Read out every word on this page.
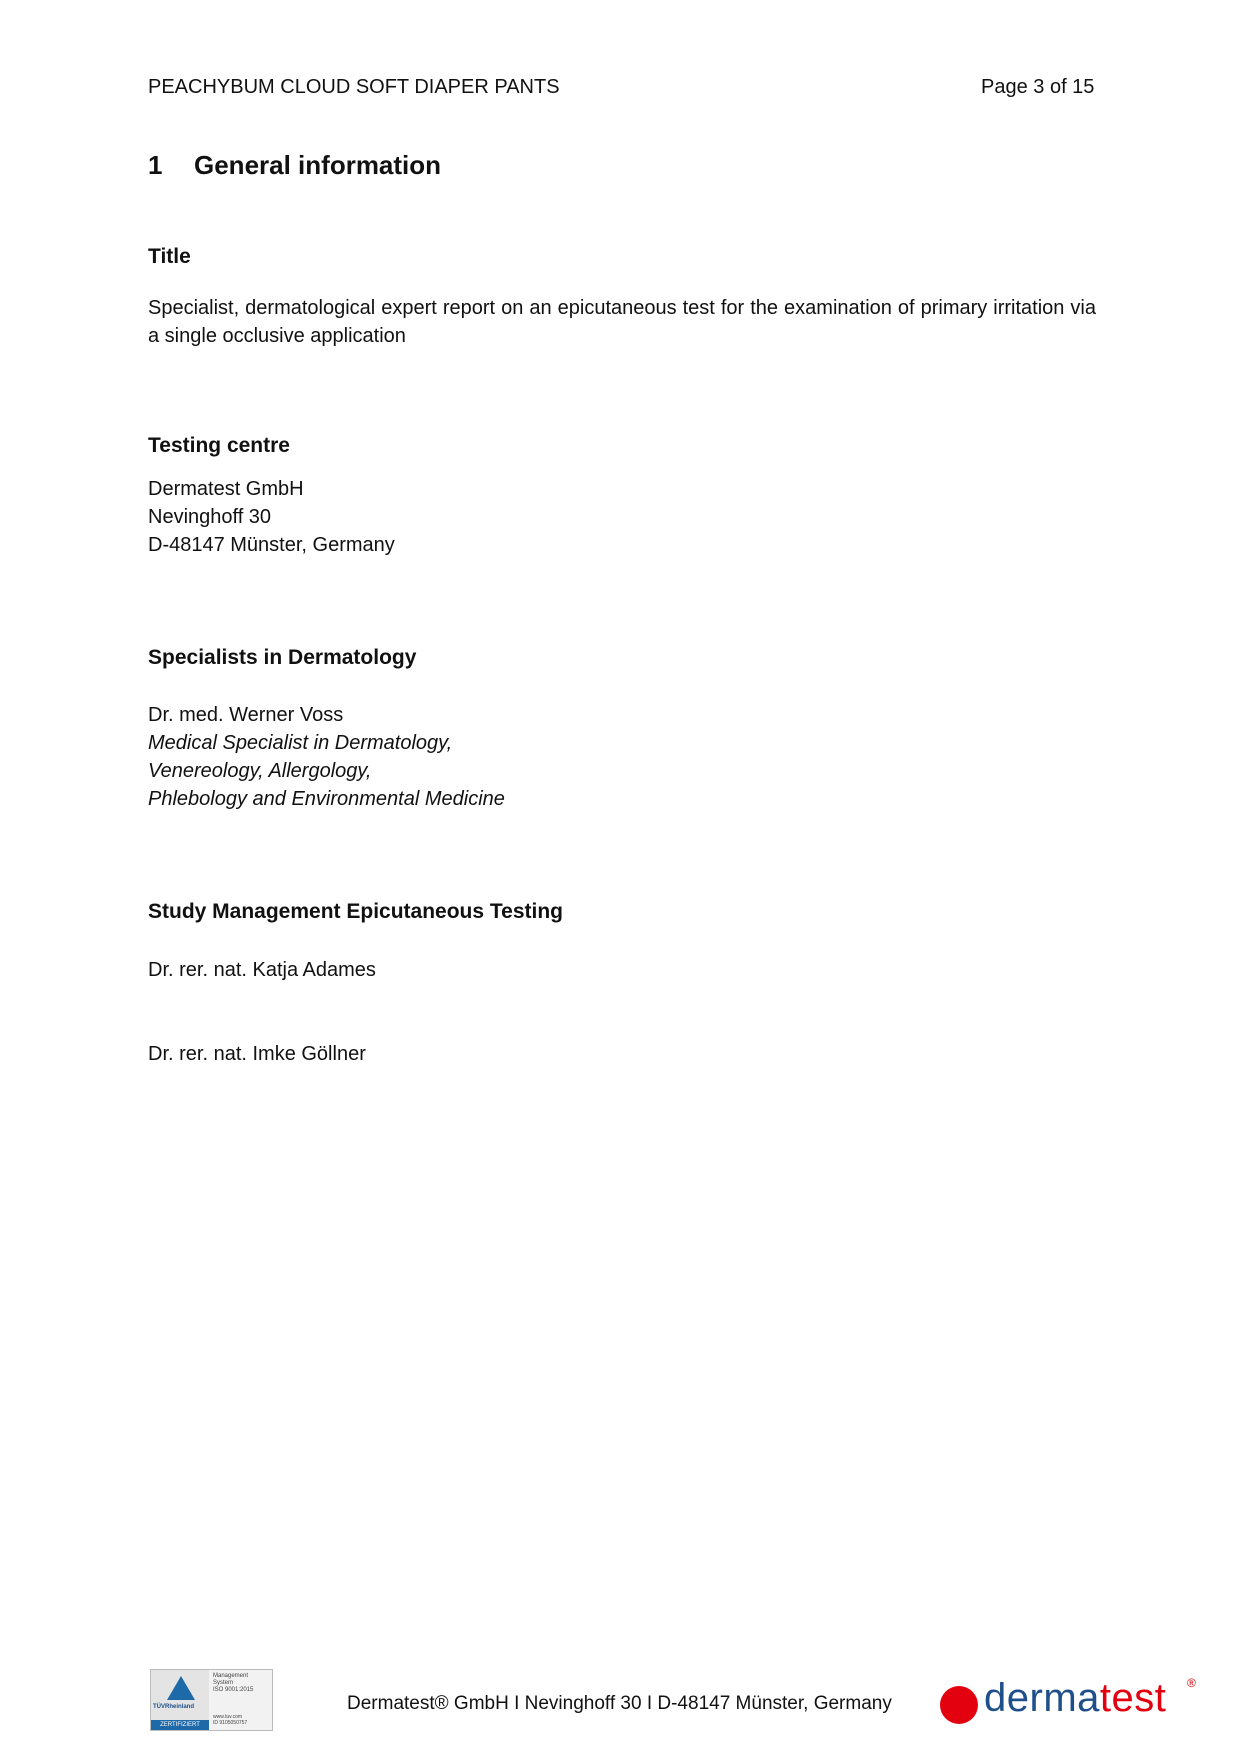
PEACHYBUM CLOUD SOFT DIAPER PANTS	Page 3 of 15
1 General information
Title
Specialist, dermatological expert report on an epicutaneous test for the examination of primary irritation via a single occlusive application
Testing centre
Dermatest GmbH
Nevinghoff 30
D-48147 Münster, Germany
Specialists in Dermatology
Dr. med. Werner Voss
Medical Specialist in Dermatology,
Venereology, Allergology,
Phlebology and Environmental Medicine
Study Management Epicutaneous Testing
Dr. rer. nat. Katja Adames
Dr. rer. nat. Imke Göllner
TÜVRheinland
ZERTIFIZIERT
Management
System
ISO 9001:2015
www.tuv.com
ID 9105050757
Dermatest® GmbH I Nevinghoff 30 I D-48147 Münster, Germany dermatest ®
